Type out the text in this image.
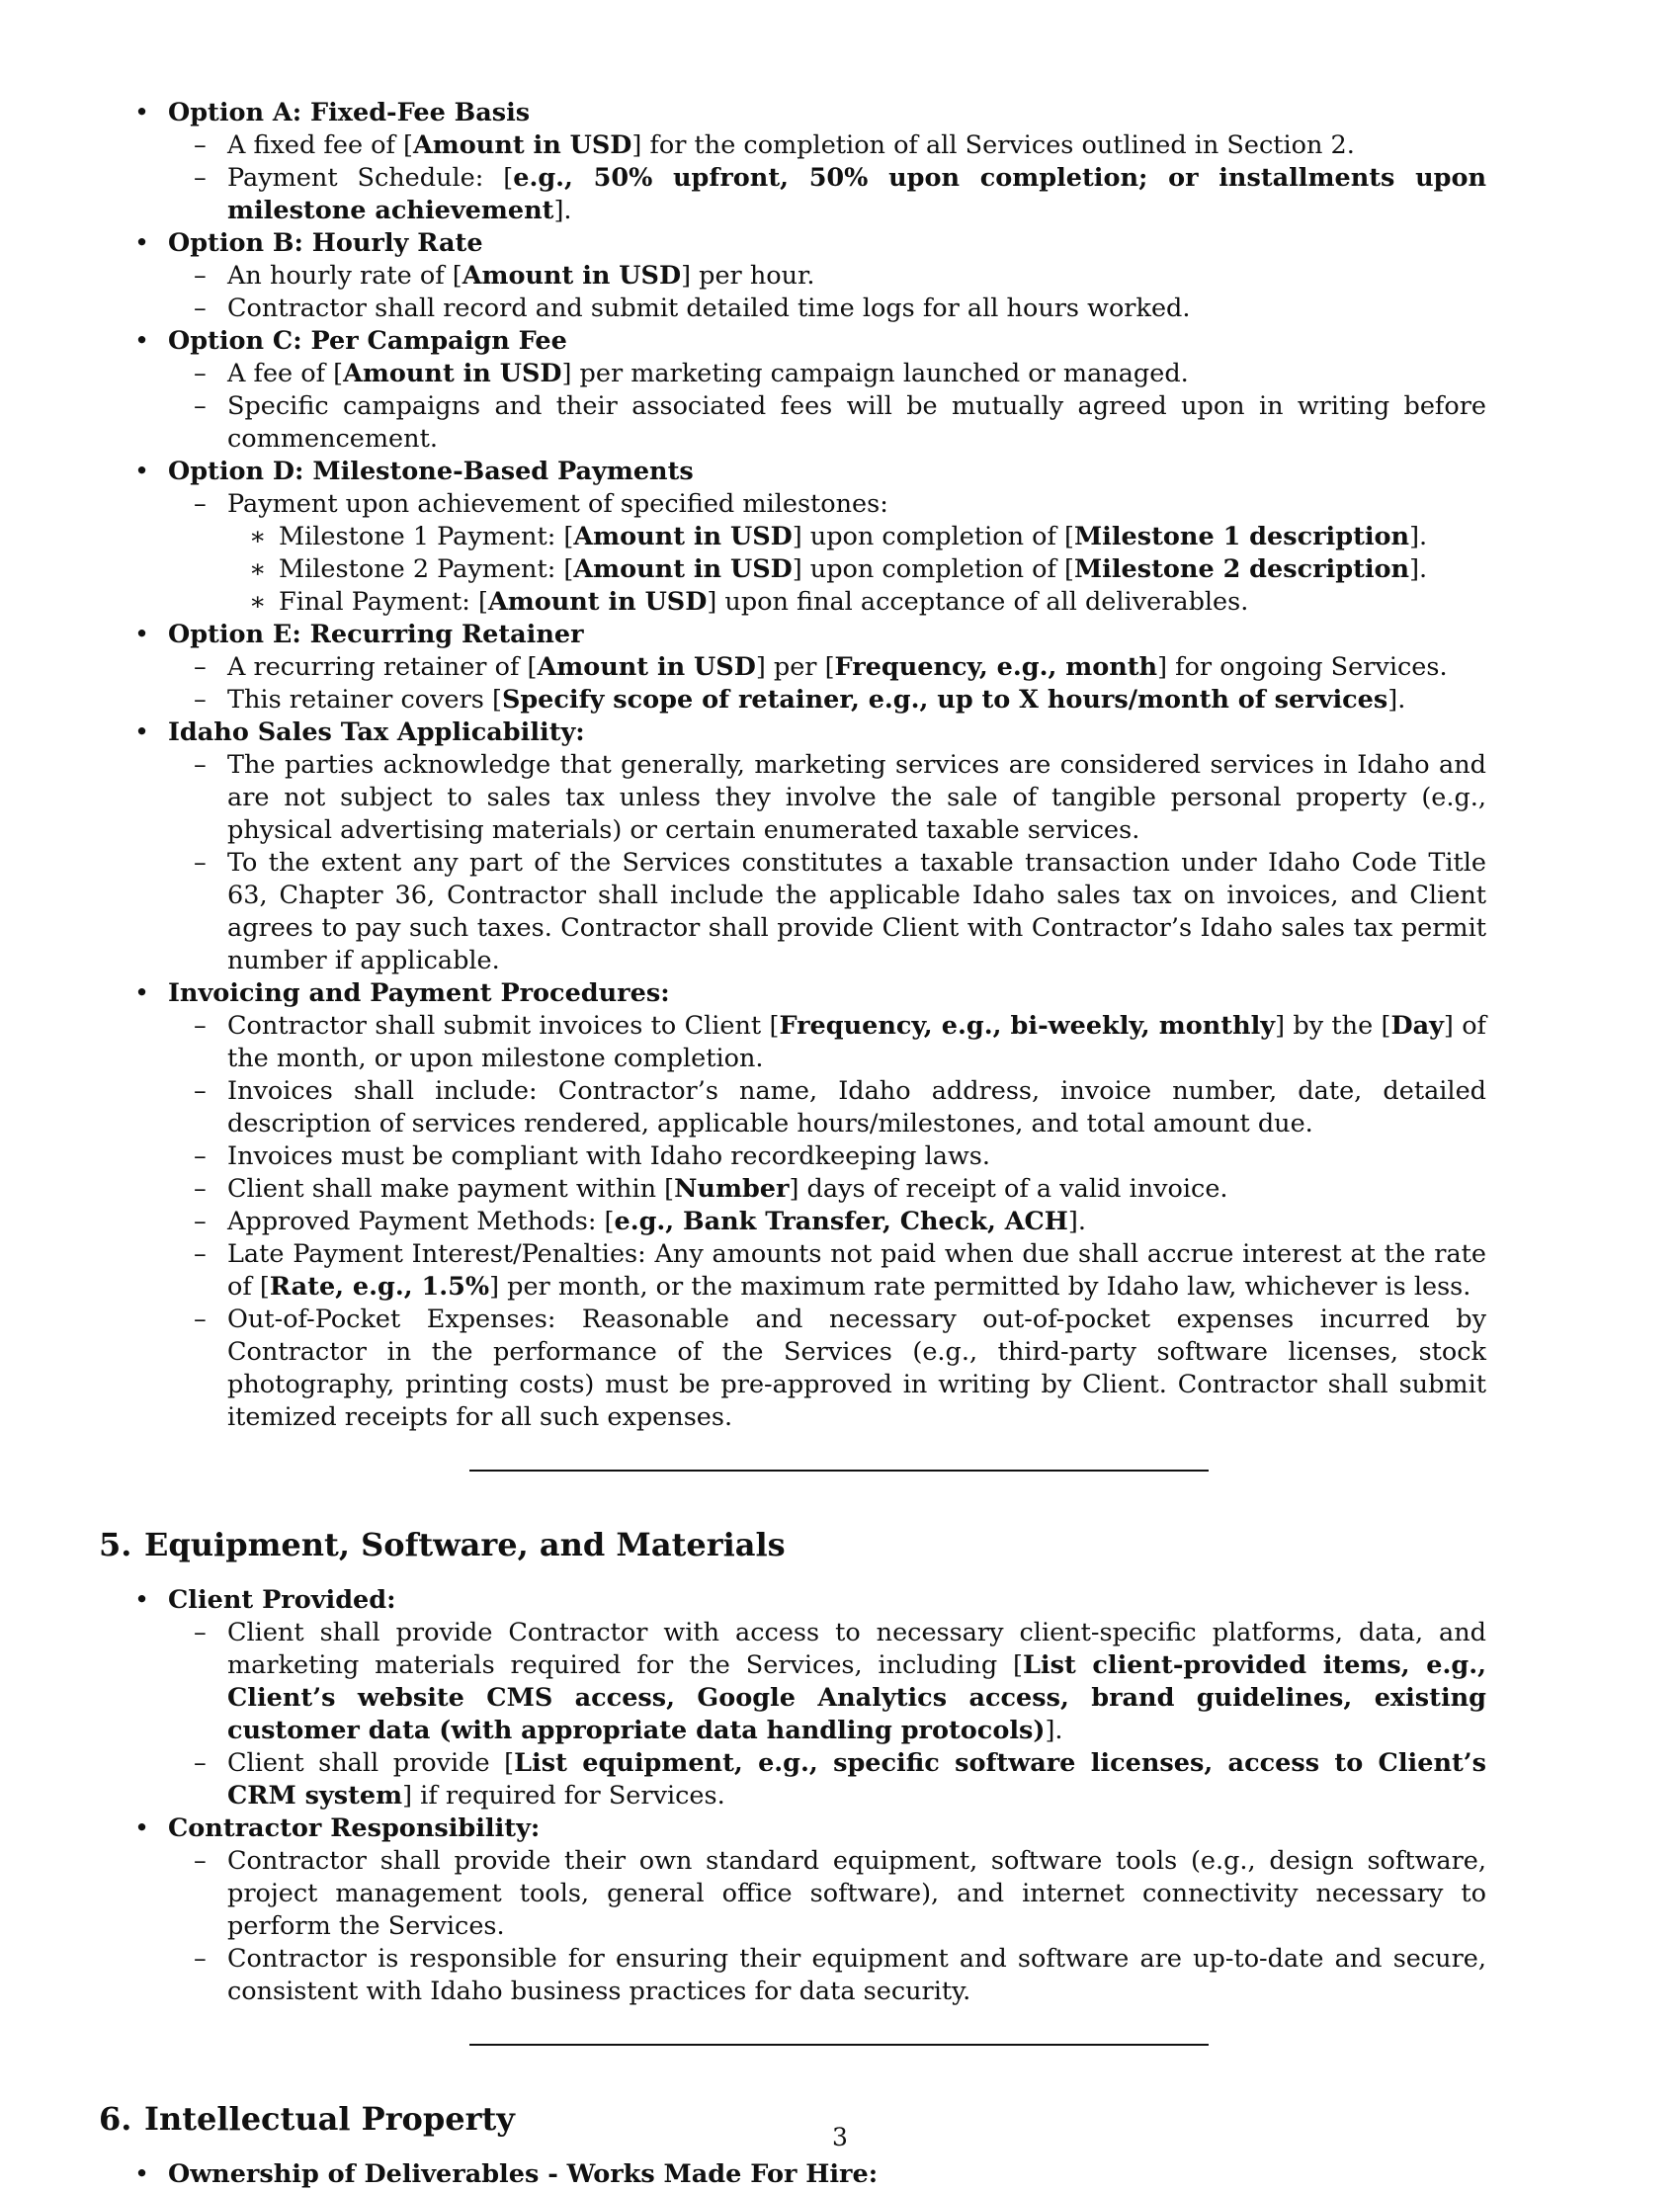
• Option A: Fixed-Fee Basis
– A fixed fee of [Amount in USD] for the completion of all Services outlined in Section 2.
– Payment Schedule: [e.g., 50% upfront, 50% upon completion; or installments upon milestone achievement].
• Option B: Hourly Rate
– An hourly rate of [Amount in USD] per hour.
– Contractor shall record and submit detailed time logs for all hours worked.
• Option C: Per Campaign Fee
– A fee of [Amount in USD] per marketing campaign launched or managed.
– Specific campaigns and their associated fees will be mutually agreed upon in writing before commencement.
• Option D: Milestone-Based Payments
– Payment upon achievement of specified milestones:
∗ Milestone 1 Payment: [Amount in USD] upon completion of [Milestone 1 description].
∗ Milestone 2 Payment: [Amount in USD] upon completion of [Milestone 2 description].
∗ Final Payment: [Amount in USD] upon final acceptance of all deliverables.
• Option E: Recurring Retainer
– A recurring retainer of [Amount in USD] per [Frequency, e.g., month] for ongoing Services.
– This retainer covers [Specify scope of retainer, e.g., up to X hours/month of services].
• Idaho Sales Tax Applicability:
– The parties acknowledge that generally, marketing services are considered services in Idaho and are not subject to sales tax unless they involve the sale of tangible personal property (e.g., physical advertising materials) or certain enumerated taxable services.
– To the extent any part of the Services constitutes a taxable transaction under Idaho Code Title 63, Chapter 36, Contractor shall include the applicable Idaho sales tax on invoices, and Client agrees to pay such taxes. Contractor shall provide Client with Contractor’s Idaho sales tax permit number if applicable.
• Invoicing and Payment Procedures:
– Contractor shall submit invoices to Client [Frequency, e.g., bi-weekly, monthly] by the [Day] of the month, or upon milestone completion.
– Invoices shall include: Contractor’s name, Idaho address, invoice number, date, detailed description of services rendered, applicable hours/milestones, and total amount due.
– Invoices must be compliant with Idaho recordkeeping laws.
– Client shall make payment within [Number] days of receipt of a valid invoice.
– Approved Payment Methods: [e.g., Bank Transfer, Check, ACH].
– Late Payment Interest/Penalties: Any amounts not paid when due shall accrue interest at the rate of [Rate, e.g., 1.5%] per month, or the maximum rate permitted by Idaho law, whichever is less.
– Out-of-Pocket Expenses: Reasonable and necessary out-of-pocket expenses incurred by Contractor in the performance of the Services (e.g., third-party software licenses, stock photography, printing costs) must be pre-approved in writing by Client. Contractor shall submit itemized receipts for all such expenses.
5. Equipment, Software, and Materials
• Client Provided:
– Client shall provide Contractor with access to necessary client-specific platforms, data, and marketing materials required for the Services, including [List client-provided items, e.g., Client’s website CMS access, Google Analytics access, brand guidelines, existing customer data (with appropriate data handling protocols)].
– Client shall provide [List equipment, e.g., specific software licenses, access to Client’s CRM system] if required for Services.
• Contractor Responsibility:
– Contractor shall provide their own standard equipment, software tools (e.g., design software, project management tools, general office software), and internet connectivity necessary to perform the Services.
– Contractor is responsible for ensuring their equipment and software are up-to-date and secure, consistent with Idaho business practices for data security.
6. Intellectual Property
• Ownership of Deliverables - Works Made For Hire:
3
